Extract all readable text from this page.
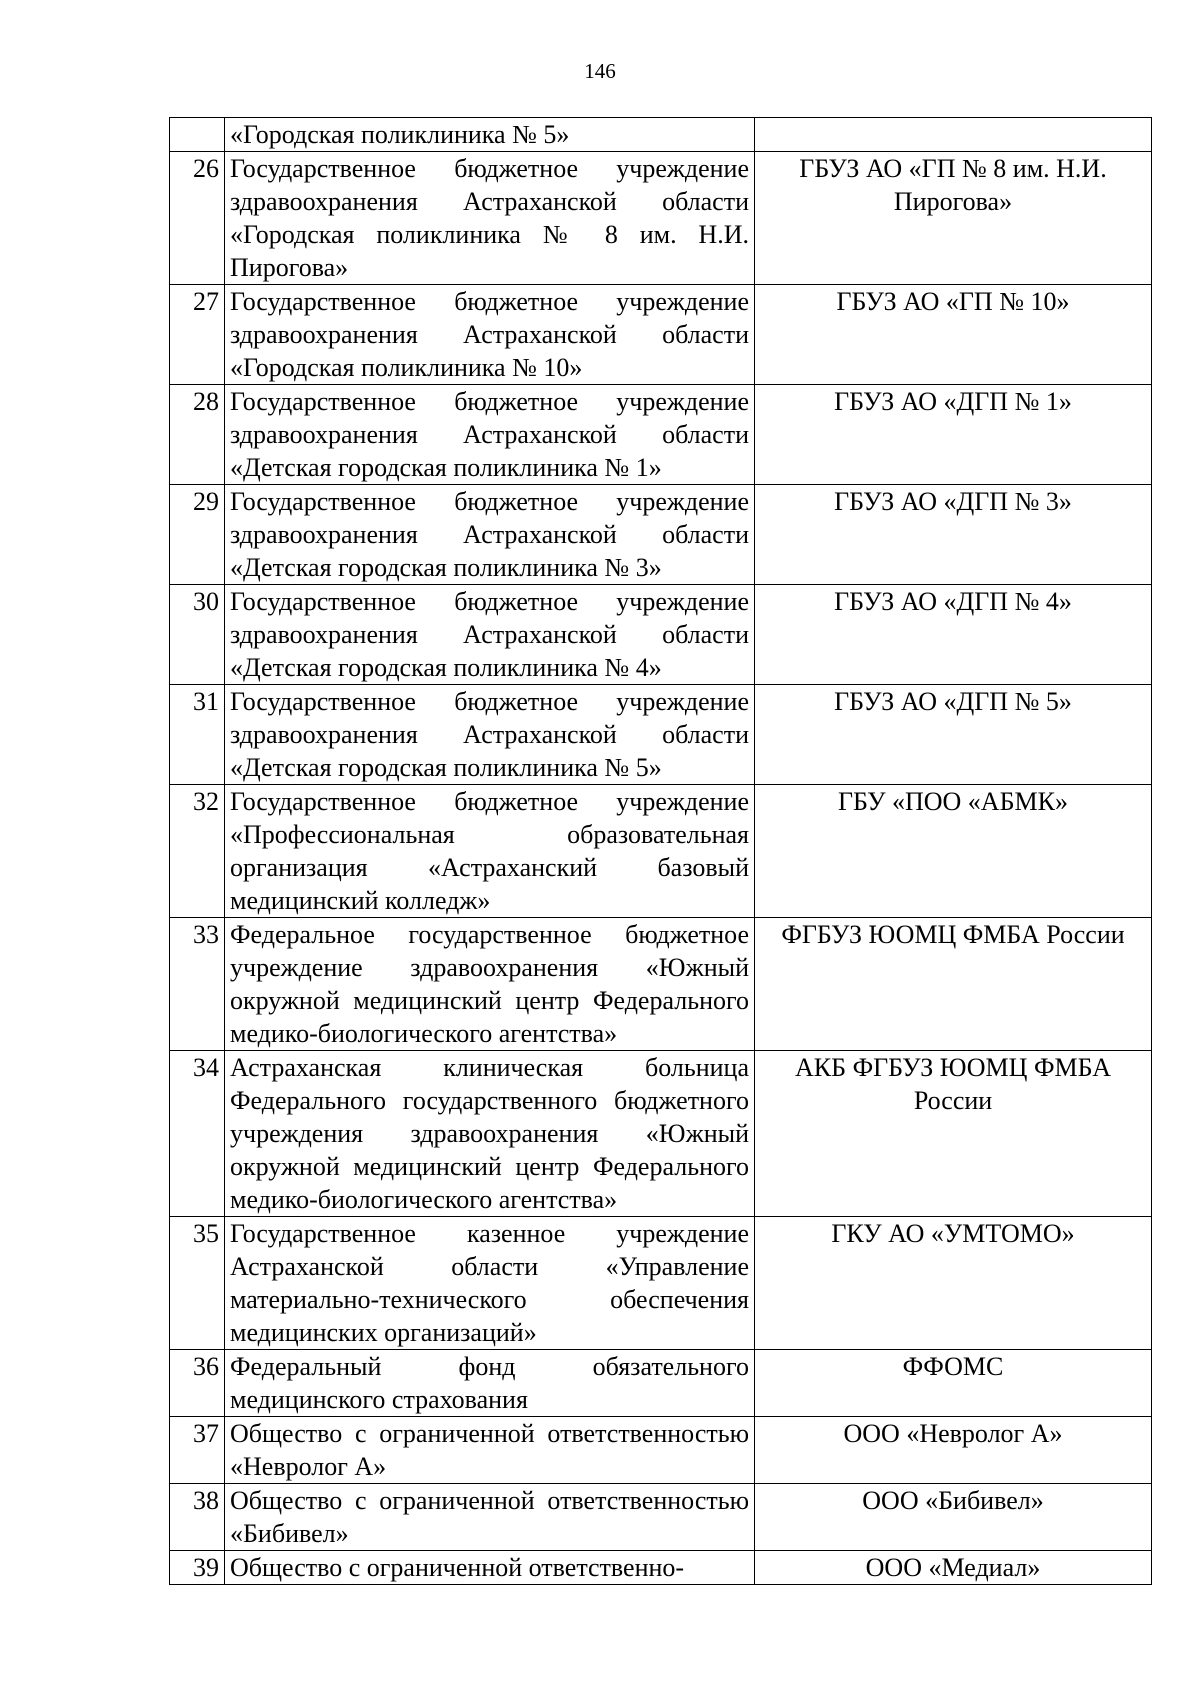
146
	«Городская поликлиника № 5»	
26	Государственное бюджетное учреждение здравоохранения Астраханской области «Городская поликлиника № 8 им. Н.И. Пирогова»	ГБУЗ АО «ГП № 8 им. Н.И. Пирогова»
27	Государственное бюджетное учреждение здравоохранения Астраханской области «Городская поликлиника № 10»	ГБУЗ АО «ГП № 10»
28	Государственное бюджетное учреждение здравоохранения Астраханской области «Детская городская поликлиника № 1»	ГБУЗ АО «ДГП № 1»
29	Государственное бюджетное учреждение здравоохранения Астраханской области «Детская городская поликлиника № 3»	ГБУЗ АО «ДГП № 3»
30	Государственное бюджетное учреждение здравоохранения Астраханской области «Детская городская поликлиника № 4»	ГБУЗ АО «ДГП № 4»
31	Государственное бюджетное учреждение здравоохранения Астраханской области «Детская городская поликлиника № 5»	ГБУЗ АО «ДГП № 5»
32	Государственное бюджетное учреждение «Профессиональная образовательная организация «Астраханский базовый медицинский колледж»	ГБУ «ПОО «АБМК»
33	Федеральное государственное бюджетное учреждение здравоохранения «Южный окружной медицинский центр Федерального медико-биологического агентства»	ФГБУЗ ЮОМЦ ФМБА России
34	Астраханская клиническая больница Федерального государственного бюджетного учреждения здравоохранения «Южный окружной медицинский центр Федерального медико-биологического агентства»	АКБ ФГБУЗ ЮОМЦ ФМБА России
35	Государственное казенное учреждение Астраханской области «Управление материально-технического обеспечения медицинских организаций»	ГКУ АО «УМТОМО»
36	Федеральный фонд обязательного медицинского страхования	ФФОМС
37	Общество с ограниченной ответственностью «Невролог А»	ООО «Невролог А»
38	Общество с ограниченной ответственностью «Бибивел»	ООО «Бибивел»
39	Общество с ограниченной ответственно-	ООО «Медиал»
